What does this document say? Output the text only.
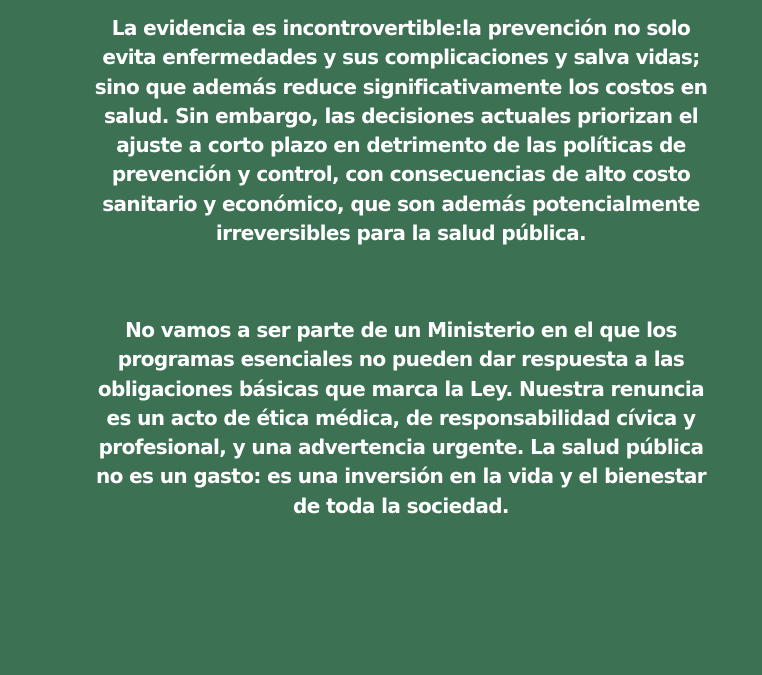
La evidencia es incontrovertible:la prevención no solo evita enfermedades y sus complicaciones y salva vidas; sino que además reduce significativamente los costos en salud. Sin embargo, las decisiones actuales priorizan el ajuste a corto plazo en detrimento de las políticas de prevención y control, con consecuencias de alto costo sanitario y económico, que son además potencialmente irreversibles para la salud pública.

No vamos a ser parte de un Ministerio en el que los programas esenciales no pueden dar respuesta a las obligaciones básicas que marca la Ley. Nuestra renuncia es un acto de ética médica, de responsabilidad cívica y profesional, y una advertencia urgente. La salud pública no es un gasto: es una inversión en la vida y el bienestar de toda la sociedad.
